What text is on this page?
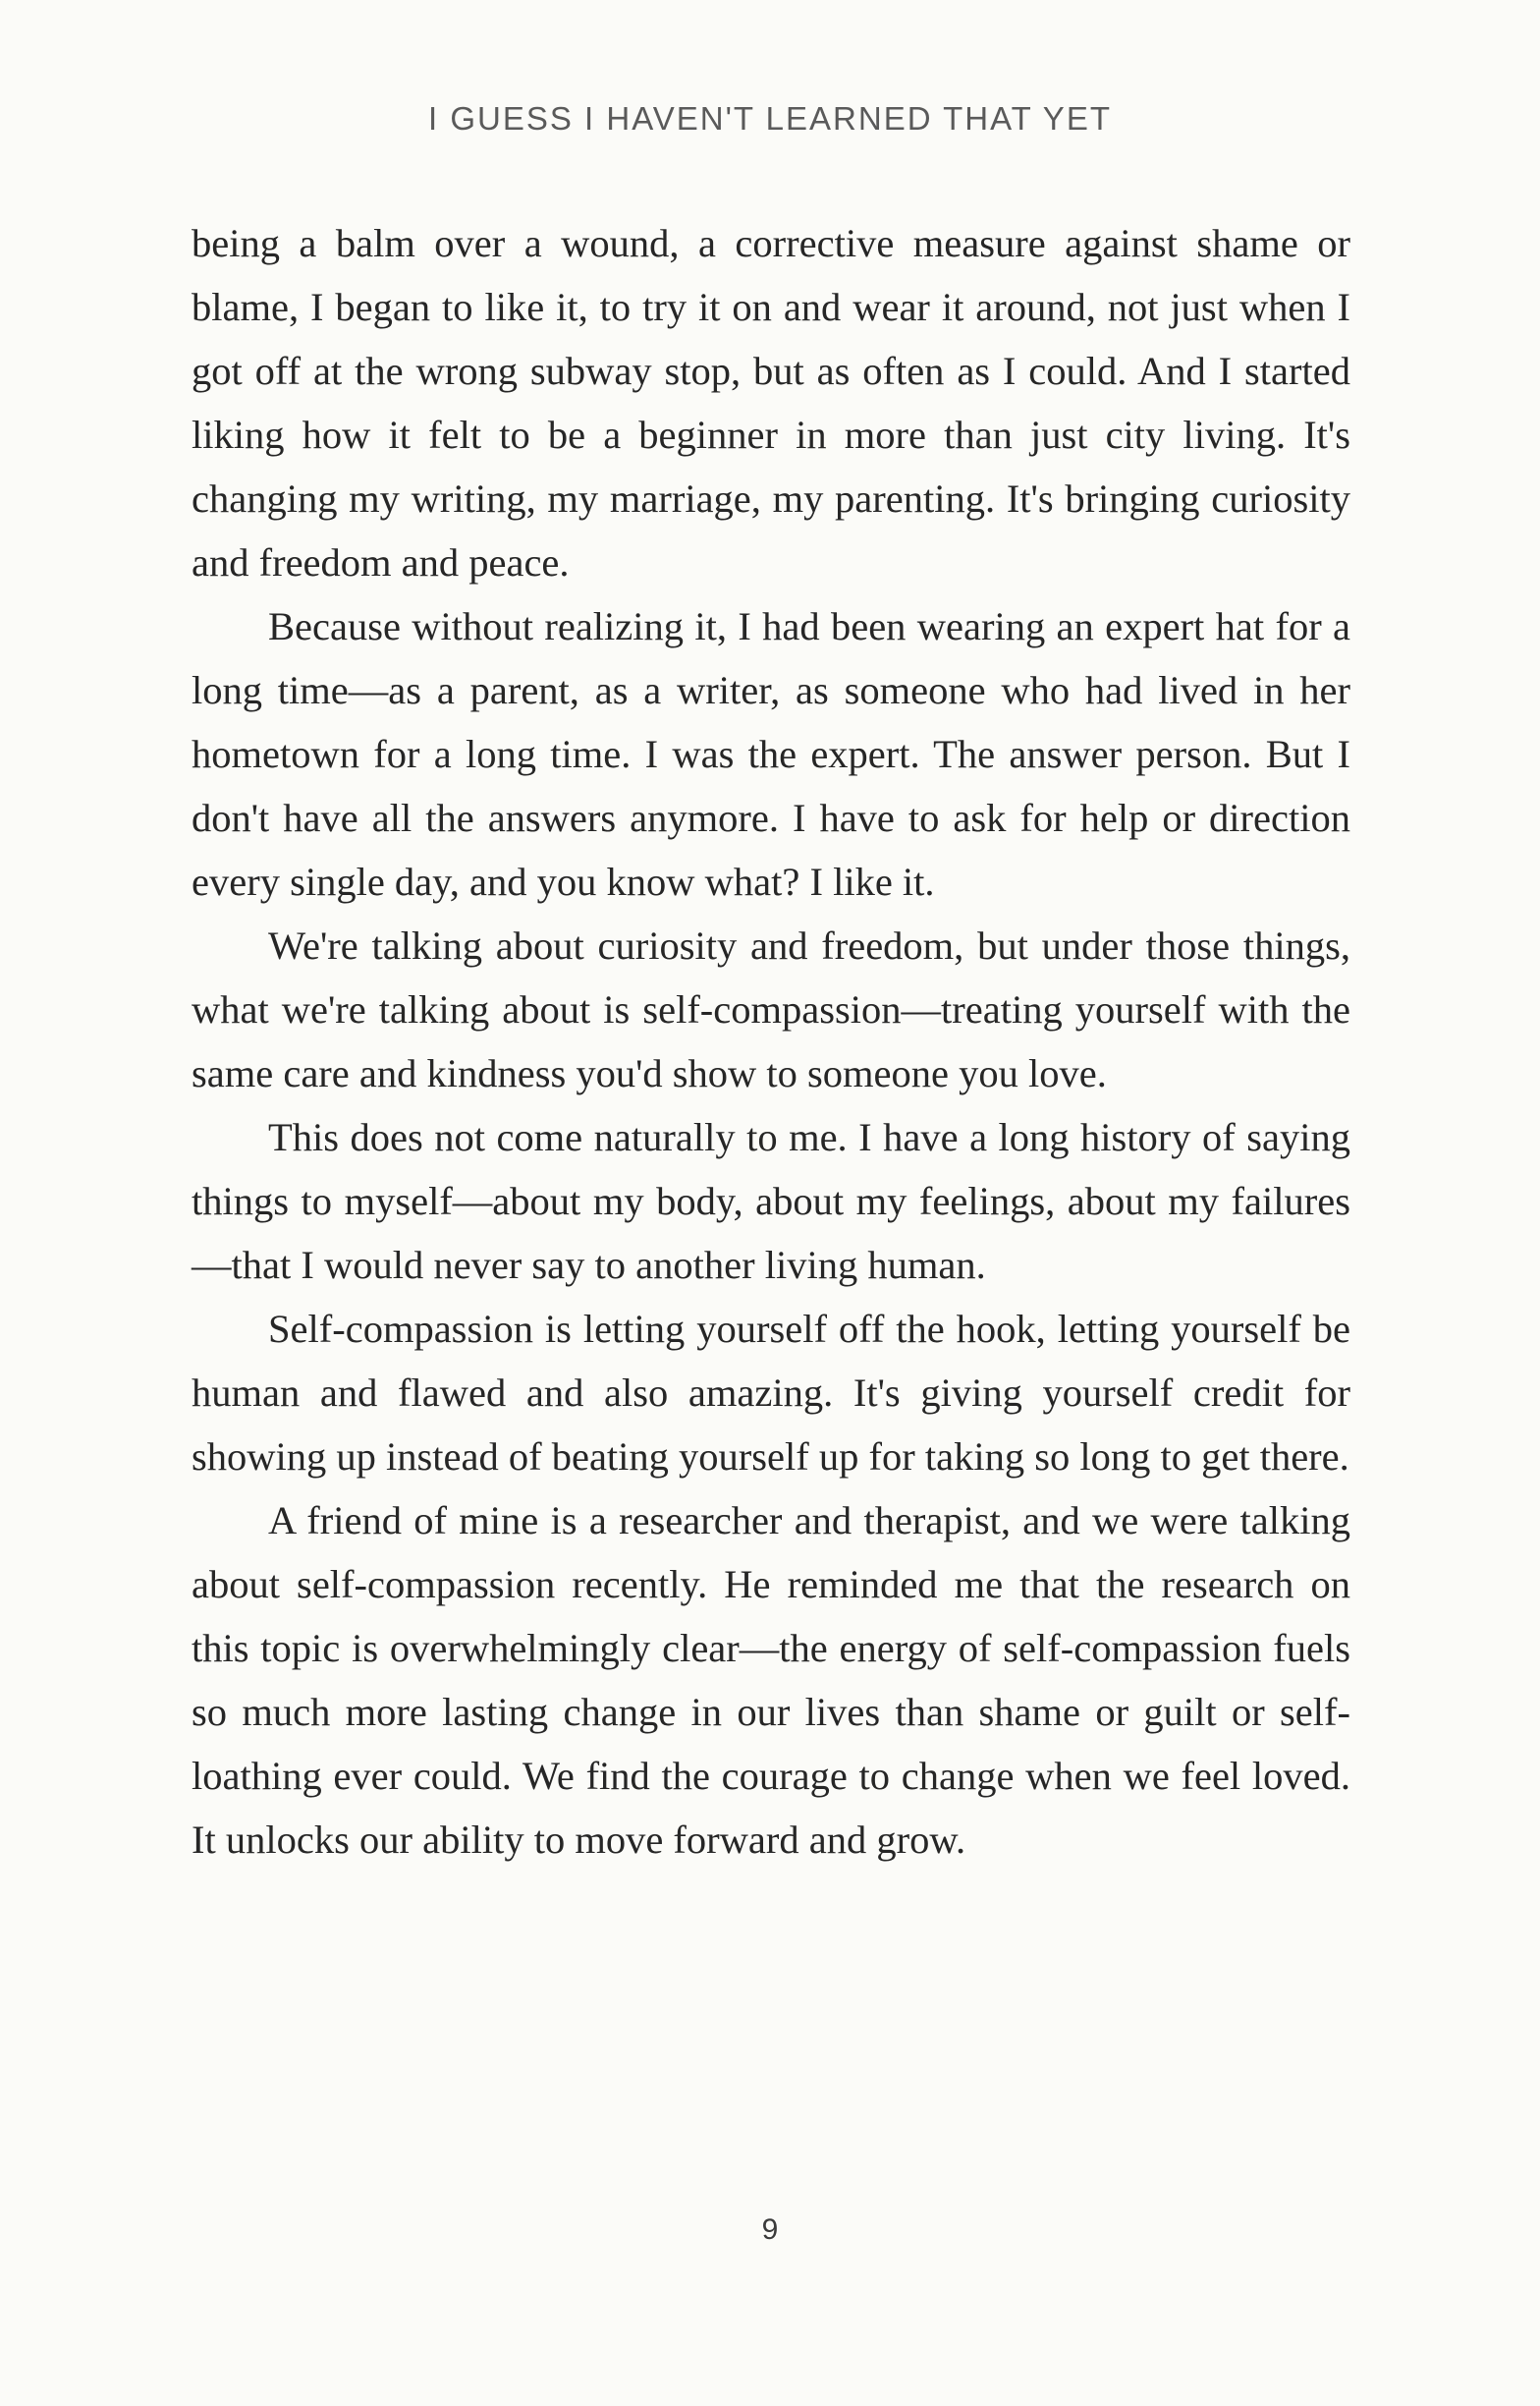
I GUESS I HAVEN'T LEARNED THAT YET

being a balm over a wound, a corrective measure against shame or blame, I began to like it, to try it on and wear it around, not just when I got off at the wrong subway stop, but as often as I could. And I started liking how it felt to be a beginner in more than just city living. It's changing my writing, my marriage, my parenting. It's bringing curiosity and freedom and peace.

Because without realizing it, I had been wearing an expert hat for a long time—as a parent, as a writer, as someone who had lived in her hometown for a long time. I was the expert. The answer person. But I don't have all the answers anymore. I have to ask for help or direction every single day, and you know what? I like it.

We're talking about curiosity and freedom, but under those things, what we're talking about is self-compassion—treating yourself with the same care and kindness you'd show to someone you love.

This does not come naturally to me. I have a long history of saying things to myself—about my body, about my feelings, about my failures—that I would never say to another living human.

Self-compassion is letting yourself off the hook, letting yourself be human and flawed and also amazing. It's giving yourself credit for showing up instead of beating yourself up for taking so long to get there.

A friend of mine is a researcher and therapist, and we were talking about self-compassion recently. He reminded me that the research on this topic is overwhelmingly clear—the energy of self-compassion fuels so much more lasting change in our lives than shame or guilt or self-loathing ever could. We find the courage to change when we feel loved. It unlocks our ability to move forward and grow.

9
